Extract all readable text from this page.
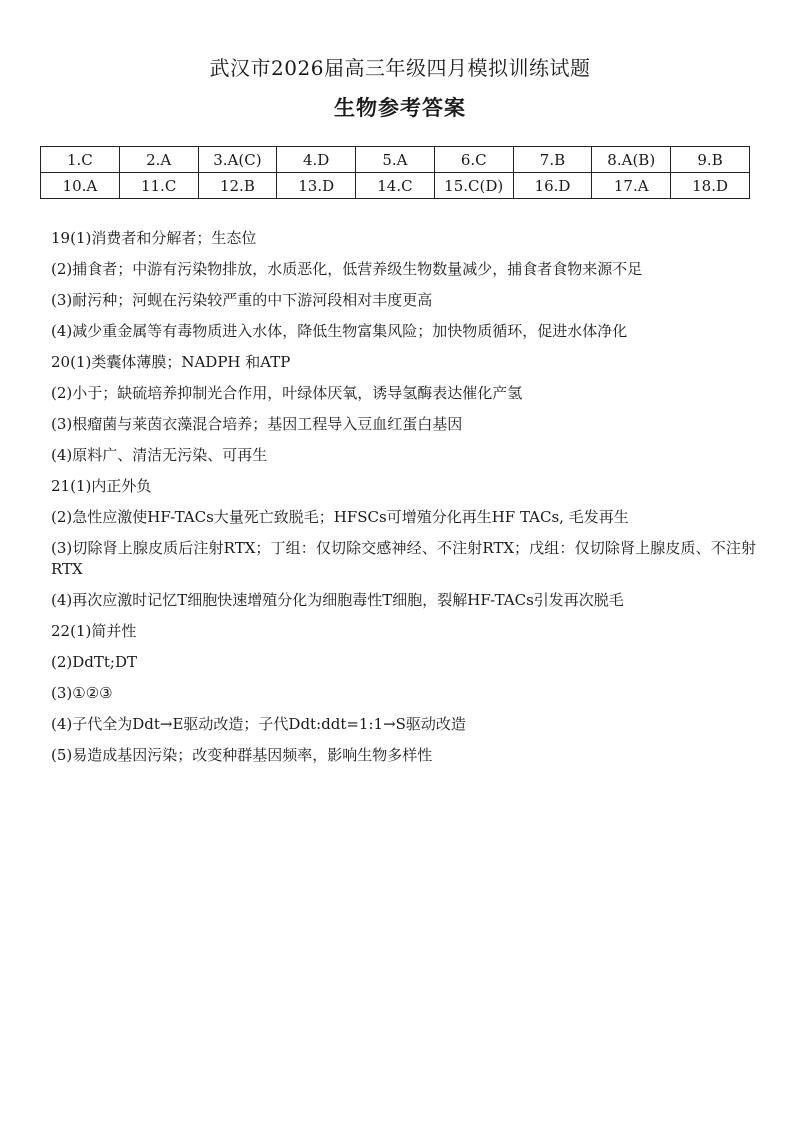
武汉市2026届高三年级四月模拟训练试题
生物参考答案
1.C	2.A	3.A(C)	4.D	5.A	6.C	7.B	8.A(B)	9.B
10.A	11.C	12.B	13.D	14.C	15.C(D)	16.D	17.A	18.D
19(1)消费者和分解者；生态位
(2)捕食者；中游有污染物排放，水质恶化，低营养级生物数量减少，捕食者食物来源不足
(3)耐污种；河蚬在污染较严重的中下游河段相对丰度更高
(4)减少重金属等有毒物质进入水体，降低生物富集风险；加快物质循环，促进水体净化
20(1)类囊体薄膜；NADPH 和ATP
(2)小于；缺硫培养抑制光合作用，叶绿体厌氧，诱导氢酶表达催化产氢
(3)根瘤菌与莱茵衣藻混合培养；基因工程导入豆血红蛋白基因
(4)原料广、清洁无污染、可再生
21(1)内正外负
(2)急性应激使HF-TACs大量死亡致脱毛；HFSCs可增殖分化再生HF TACs, 毛发再生
(3)切除肾上腺皮质后注射RTX；丁组：仅切除交感神经、不注射RTX；戊组：仅切除肾上腺皮质、不注射RTX
(4)再次应激时记忆T细胞快速增殖分化为细胞毒性T细胞，裂解HF-TACs引发再次脱毛
22(1)简并性
(2)DdTt;DT
(3)①②③
(4)子代全为Ddt→E驱动改造；子代Ddt:ddt=1:1→S驱动改造
(5)易造成基因污染；改变种群基因频率，影响生物多样性
